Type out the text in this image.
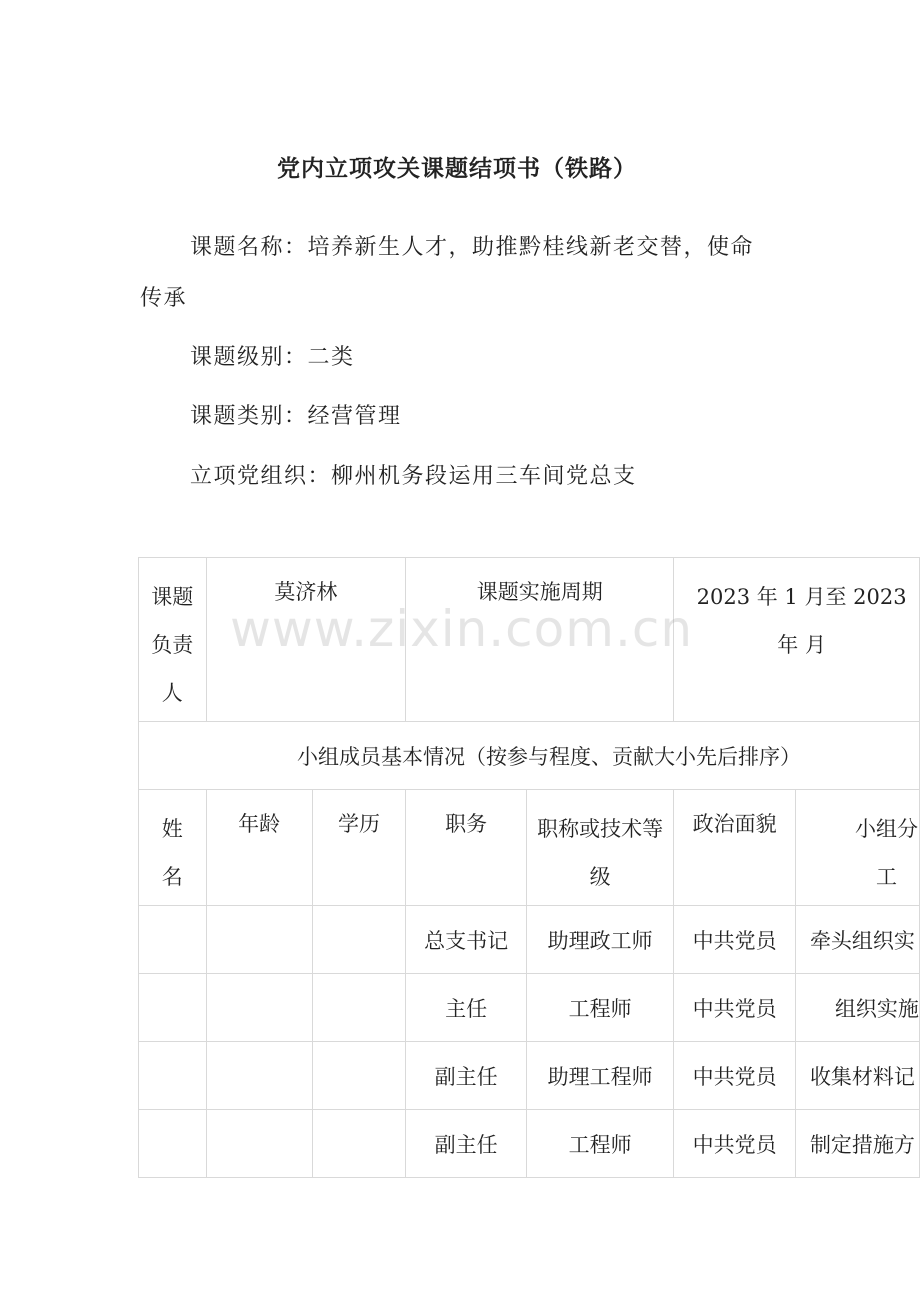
党内立项攻关课题结项书（铁路）
课题名称：培养新生人才，助推黔桂线新老交替，使命
传承
课题级别：二类
课题类别：经营管理
立项党组织：柳州机务段运用三车间党总支
课题负责人	莫济林		课题实施周期		2023 年 1 月至 2023 年 月	
小组成员基本情况（按参与程度、贡献大小先后排序）						
姓名	年龄	学历	职务	职称或技术等级	政治面貌	小组分工
			总支书记	助理政工师	中共党员	牵头组织实
			主任	工程师	中共党员	组织实施
			副主任	助理工程师	中共党员	收集材料记
			副主任	工程师	中共党员	制定措施方
www.zixin.com.cn
